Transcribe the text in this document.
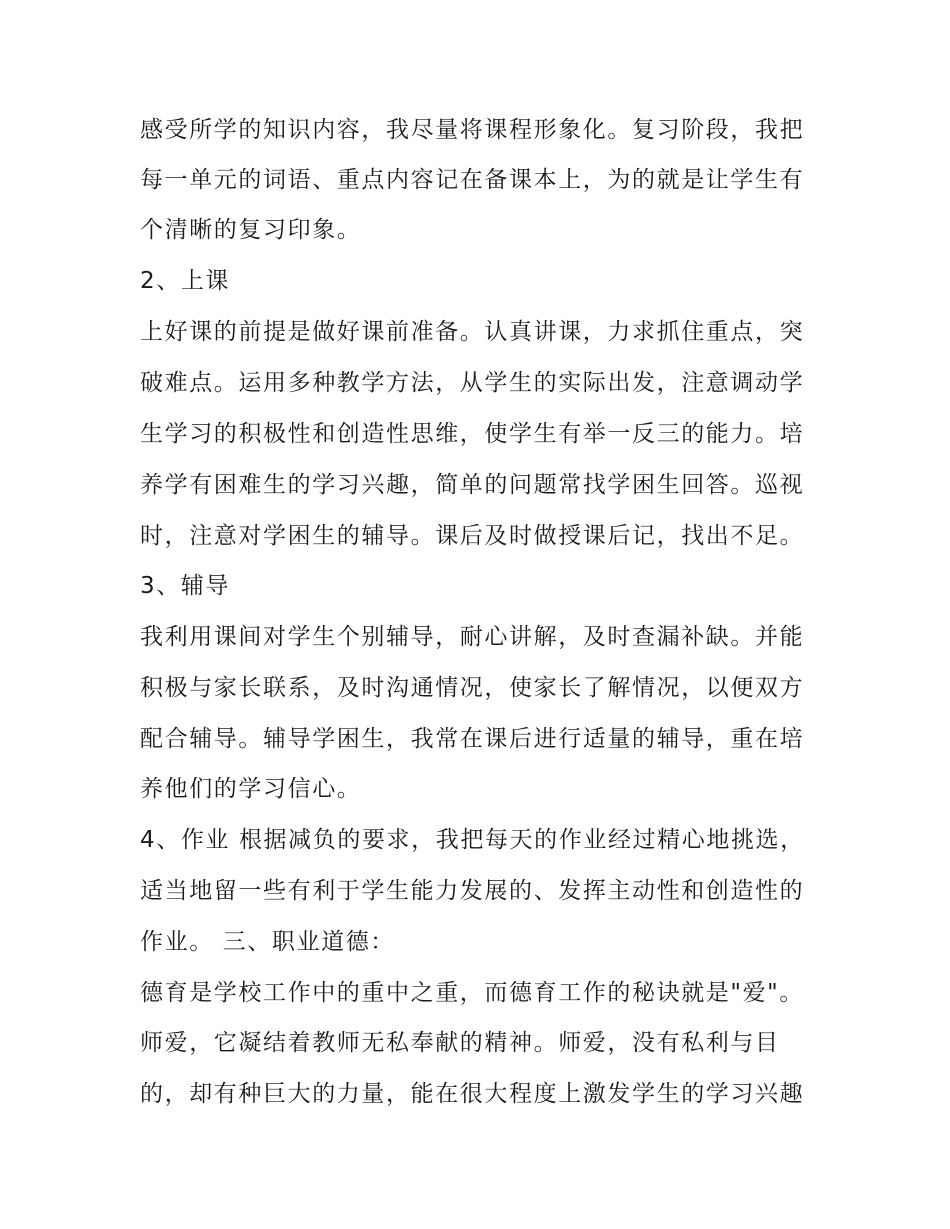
感受所学的知识内容，我尽量将课程形象化。复习阶段，我把

每一单元的词语、重点内容记在备课本上，为的就是让学生有

个清晰的复习印象。

2、上课

上好课的前提是做好课前准备。认真讲课，力求抓住重点，突

破难点。运用多种教学方法，从学生的实际出发，注意调动学

生学习的积极性和创造性思维，使学生有举一反三的能力。培

养学有困难生的学习兴趣，简单的问题常找学困生回答。巡视

时，注意对学困生的辅导。课后及时做授课后记，找出不足。

3、辅导

我利用课间对学生个别辅导，耐心讲解，及时查漏补缺。并能

积极与家长联系，及时沟通情况，使家长了解情况，以便双方

配合辅导。辅导学困生，我常在课后进行适量的辅导，重在培

养他们的学习信心。

4、作业 根据减负的要求，我把每天的作业经过精心地挑选，

适当地留一些有利于学生能力发展的、发挥主动性和创造性的

作业。 三、职业道德：

德育是学校工作中的重中之重，而德育工作的秘诀就是"爱"。

师爱，它凝结着教师无私奉献的精神。师爱，没有私利与目

的，却有种巨大的力量，能在很大程度上激发学生的学习兴趣
